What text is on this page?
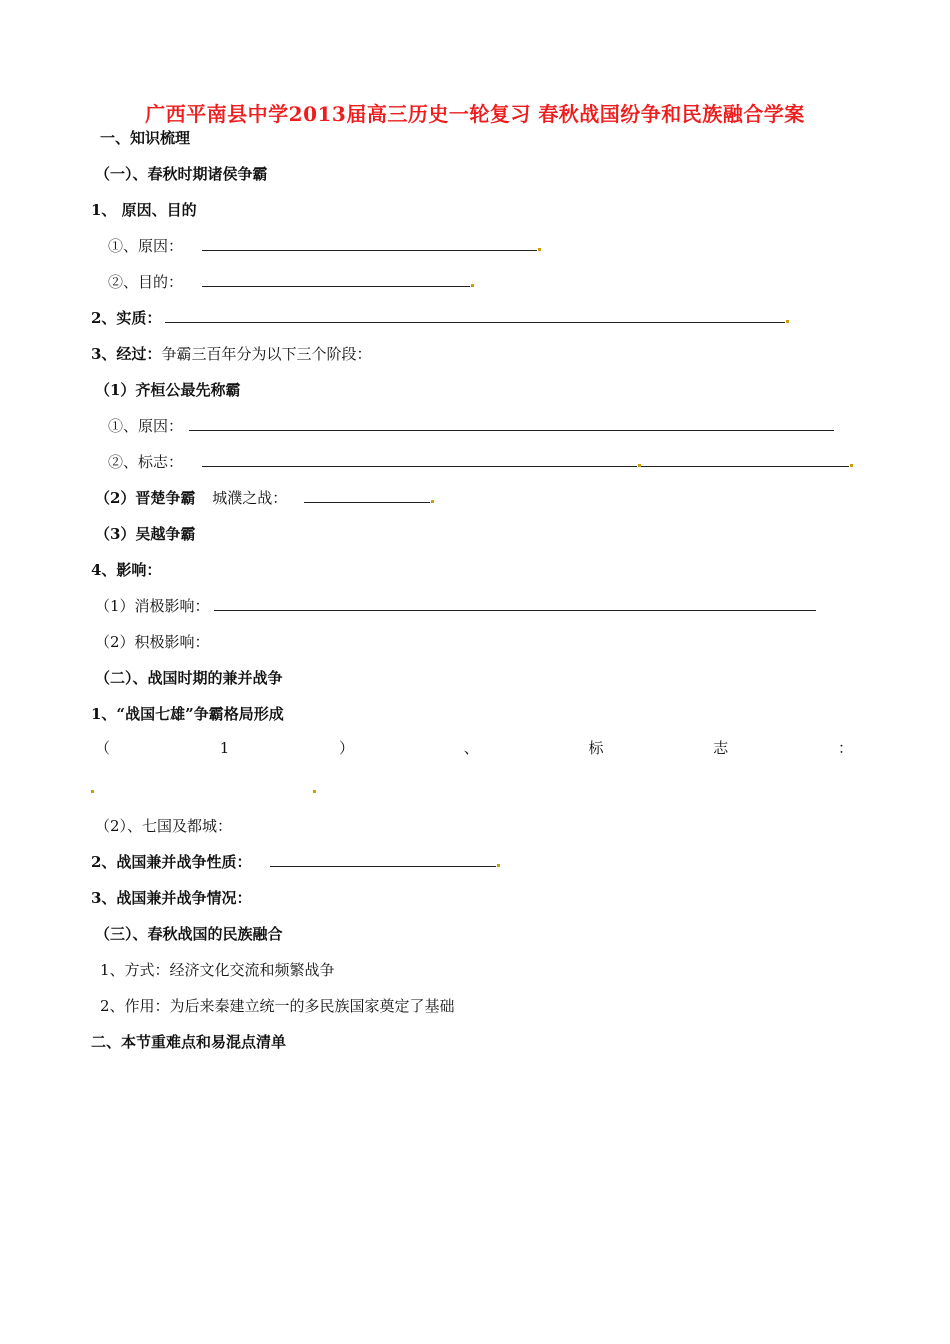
广西平南县中学2013届高三历史一轮复习 春秋战国纷争和民族融合学案
一、知识梳理
（一）、春秋时期诸侯争霸
1、 原因、目的
①、原因：
②、目的：
2、实质：
3、经过：争霸三百年分为以下三个阶段：
（1）齐桓公最先称霸
①、原因：
②、标志：
（2）晋楚争霸 城濮之战：
（3）吴越争霸
4、影响：
（1）消极影响：
（2）积极影响：
（二）、战国时期的兼并战争
1、“战国七雄”争霸格局形成
（	1	）	、	标	志	：
（2）、七国及都城：
2、战国兼并战争性质：
3、战国兼并战争情况：
（三）、春秋战国的民族融合
1、方式：经济文化交流和频繁战争
2、作用：为后来秦建立统一的多民族国家奠定了基础
二、本节重难点和易混点清单
